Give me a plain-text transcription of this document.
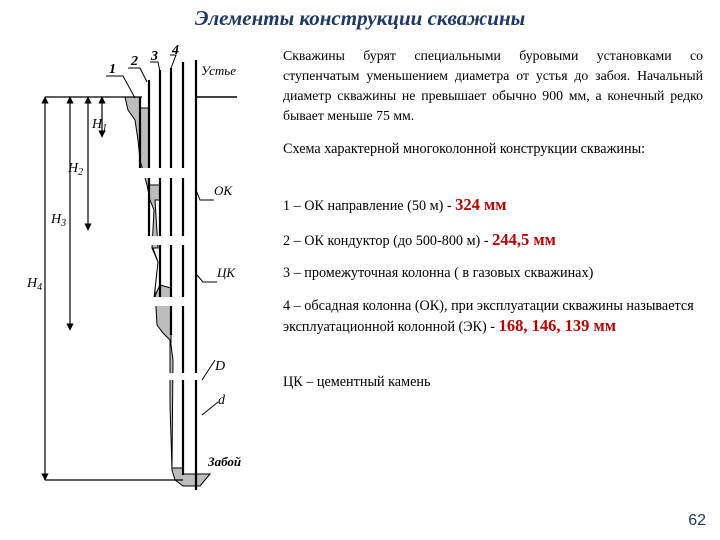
Элементы конструкции скважины
1
2 3 4
Устье
$H_1$
$H_2$
$H_3$
$H_4$
ОК
ЦК
D
d
Забой

Скважины бурят специальными буровыми установками со ступенчатым уменьшением диаметра от устья до забоя. Начальный диаметр скважины не превышает обычно 900 мм, а конечный редко бывает меньше 75 мм.

Схема характерной многоколонной конструкции скважины:

1 – ОК направление (50 м) - 324 мм
2 – ОК кондуктор (до 500-800 м) - 244,5 мм
3 – промежуточная колонна ( в газовых скважинах)
4 – обсадная колонна (ОК), при эксплуатации скважины называется эксплуатационной колонной (ЭК) - 168, 146, 139 мм
ЦК – цементный камень
62
